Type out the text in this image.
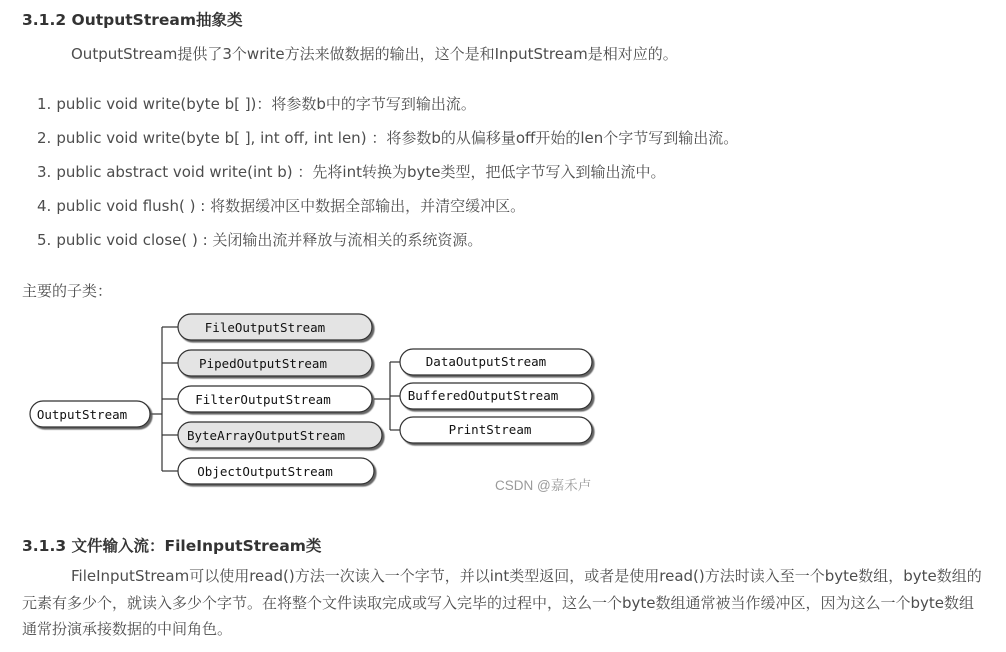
3.1.2 OutputStream抽象类
OutputStream提供了3个write方法来做数据的输出，这个是和InputStream是相对应的。
1. public void write(byte b[ ])：将参数b中的字节写到输出流。
2. public void write(byte b[ ], int off, int len) ：将参数b的从偏移量off开始的len个字节写到输出流。
3. public abstract void write(int b) ：先将int转换为byte类型，把低字节写入到输出流中。
4. public void flush( ) : 将数据缓冲区中数据全部输出，并清空缓冲区。
5. public void close( ) : 关闭输出流并释放与流相关的系统资源。
主要的子类：
OutputStream
FileOutputStream
PipedOutputStream
FilterOutputStream
ByteArrayOutputStream
ObjectOutputStream
DataOutputStream
BufferedOutputStream
PrintStream
CSDN @嘉禾卢
3.1.3 文件输入流：FileInputStream类
FileInputStream可以使用read()方法一次读入一个字节，并以int类型返回，或者是使用read()方法时读入至一个byte数组，byte数组的元素有多少个，就读入多少个字节。在将整个文件读取完成或写入完毕的过程中，这么一个byte数组通常被当作缓冲区，因为这么一个byte数组通常扮演承接数据的中间角色。
